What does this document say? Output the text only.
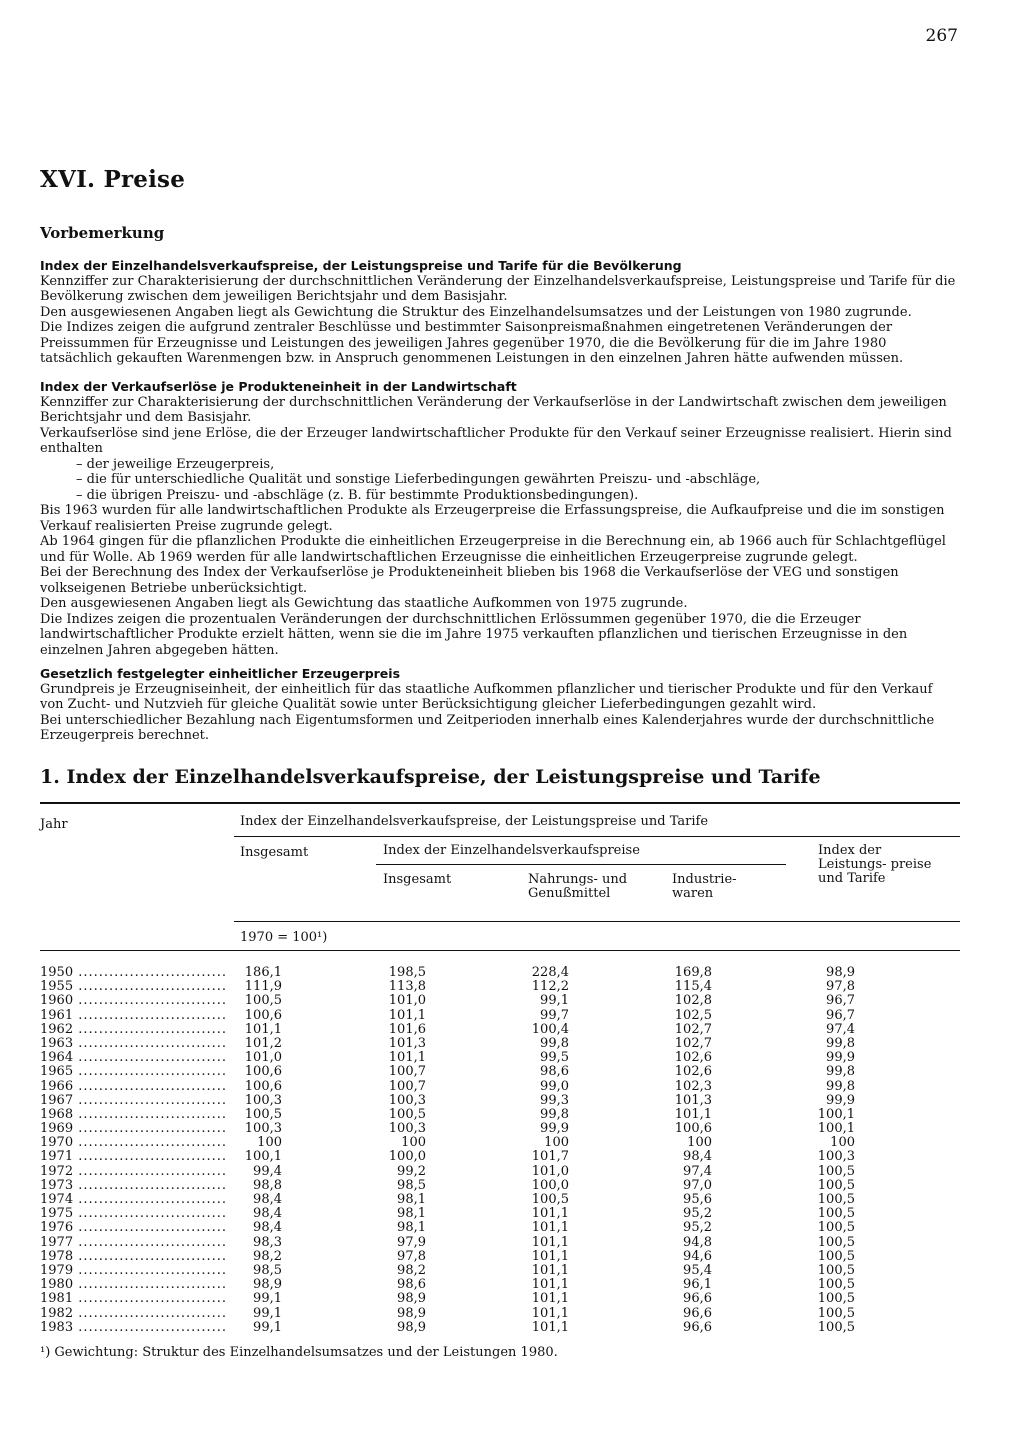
267
XVI. Preise
Vorbemerkung
Index der Einzelhandelsverkaufspreise, der Leistungspreise und Tarife für die Bevölkerung

Kennziffer zur Charakterisierung der durchschnittlichen Veränderung der Einzelhandelsverkaufspreise, Leistungspreise und Tarife für die Bevölkerung zwischen dem jeweiligen Berichtsjahr und dem Basisjahr.

Den ausgewiesenen Angaben liegt als Gewichtung die Struktur des Einzelhandelsumsatzes und der Leistungen von 1980 zugrunde.

Die Indizes zeigen die aufgrund zentraler Beschlüsse und bestimmter Saisonpreismaßnahmen eingetretenen Veränderungen der Preissummen für Erzeugnisse und Leistungen des jeweiligen Jahres gegenüber 1970, die die Bevölkerung für die im Jahre 1980 tatsächlich gekauften Warenmengen bzw. in Anspruch genommenen Leistungen in den einzelnen Jahren hätte aufwenden müssen.

Index der Verkaufserlöse je Produkteneinheit in der Landwirtschaft

Kennziffer zur Charakterisierung der durchschnittlichen Veränderung der Verkaufserlöse in der Landwirtschaft zwischen dem jeweiligen Berichtsjahr und dem Basisjahr.

Verkaufserlöse sind jene Erlöse, die der Erzeuger landwirtschaftlicher Produkte für den Verkauf seiner Erzeugnisse realisiert. Hierin sind enthalten

– der jeweilige Erzeugerpreis,

– die für unterschiedliche Qualität und sonstige Lieferbedingungen gewährten Preiszu- und -abschläge,

– die übrigen Preiszu- und -abschläge (z. B. für bestimmte Produktionsbedingungen).

Bis 1963 wurden für alle landwirtschaftlichen Produkte als Erzeugerpreise die Erfassungspreise, die Aufkaufpreise und die im sonstigen Verkauf realisierten Preise zugrunde gelegt.

Ab 1964 gingen für die pflanzlichen Produkte die einheitlichen Erzeugerpreise in die Berechnung ein, ab 1966 auch für Schlachtgeflügel und für Wolle. Ab 1969 werden für alle landwirtschaftlichen Erzeugnisse die einheitlichen Erzeugerpreise zugrunde gelegt.

Bei der Berechnung des Index der Verkaufserlöse je Produkteneinheit blieben bis 1968 die Verkaufserlöse der VEG und sonstigen volkseigenen Betriebe unberücksichtigt.

Den ausgewiesenen Angaben liegt als Gewichtung das staatliche Aufkommen von 1975 zugrunde.

Die Indizes zeigen die prozentualen Veränderungen der durchschnittlichen Erlössummen gegenüber 1970, die die Erzeuger landwirtschaftlicher Produkte erzielt hätten, wenn sie die im Jahre 1975 verkauften pflanzlichen und tierischen Erzeugnisse in den einzelnen Jahren abgegeben hätten.

Gesetzlich festgelegter einheitlicher Erzeugerpreis

Grundpreis je Erzeugniseinheit, der einheitlich für das staatliche Aufkommen pflanzlicher und tierischer Produkte und für den Verkauf von Zucht- und Nutzvieh für gleiche Qualität sowie unter Berücksichtigung gleicher Lieferbedingungen gezahlt wird.

Bei unterschiedlicher Bezahlung nach Eigentumsformen und Zeitperioden innerhalb eines Kalenderjahres wurde der durchschnittliche Erzeugerpreis berechnet.

1. Index der Einzelhandelsverkaufspreise, der Leistungspreise und Tarife
Jahr	Index der Einzelhandelsverkaufspreise, der Leistungspreise und Tarife
Insgesamt	Index der Einzelhandelsverkaufspreise	Index der Leistungs- preise und Tarife
Insgesamt	Nahrungs- und Genußmittel
Industrie- waren
1970 = 100¹)
1950 .....	186,1	198,5	228,4	169,8	98,9
1955 .....	111,9	113,8	112,2	115,4	97,8
1960 .....	100,5	101,0	99,1	102,8	96,7
1961 .....	100,6	101,1	99,7	102,5	96,7
1962 .....	101,1	101,6	100,4	102,7	97,4
1963 .....	101,2	101,3	99,8	102,7	99,8
1964 .....	101,0	101,1	99,5	102,6	99,9
1965 .....	100,6	100,7	98,6	102,6	99,8
1966 .....	100,6	100,7	99,0	102,3	99,8
1967 .....	100,3	100,3	99,3	101,3	99,9
1968 .....	100,5	100,5	99,8	101,1	100,1
1969 .....	100,3	100,3	99,9	100,6	100,1
1970 .....	100	100	100	100	100
1971 .....	100,1	100,0	101,7	98,4	100,3
1972 .....	99,4	99,2	101,0	97,4	100,5
1973 .....	98,8	98,5	100,0	97,0	100,5
1974 .....	98,4	98,1	100,5	95,6	100,5
1975 .....	98,4	98,1	101,1	95,2	100,5
1976 .....	98,4	98,1	101,1	95,2	100,5
1977 .....	98,3	97,9	101,1	94,8	100,5
1978 .....	98,2	97,8	101,1	94,6	100,5
1979 .....	98,5	98,2	101,1	95,4	100,5
1980 .....	98,9	98,6	101,1	96,1	100,5
1981 .....	99,1	98,9	101,1	96,6	100,5
1982 .....	99,1	98,9	101,1	96,6	100,5
1983 .....	99,1	98,9	101,1	96,6	100,5
¹) Gewichtung: Struktur des Einzelhandelsumsatzes und der Leistungen 1980.
